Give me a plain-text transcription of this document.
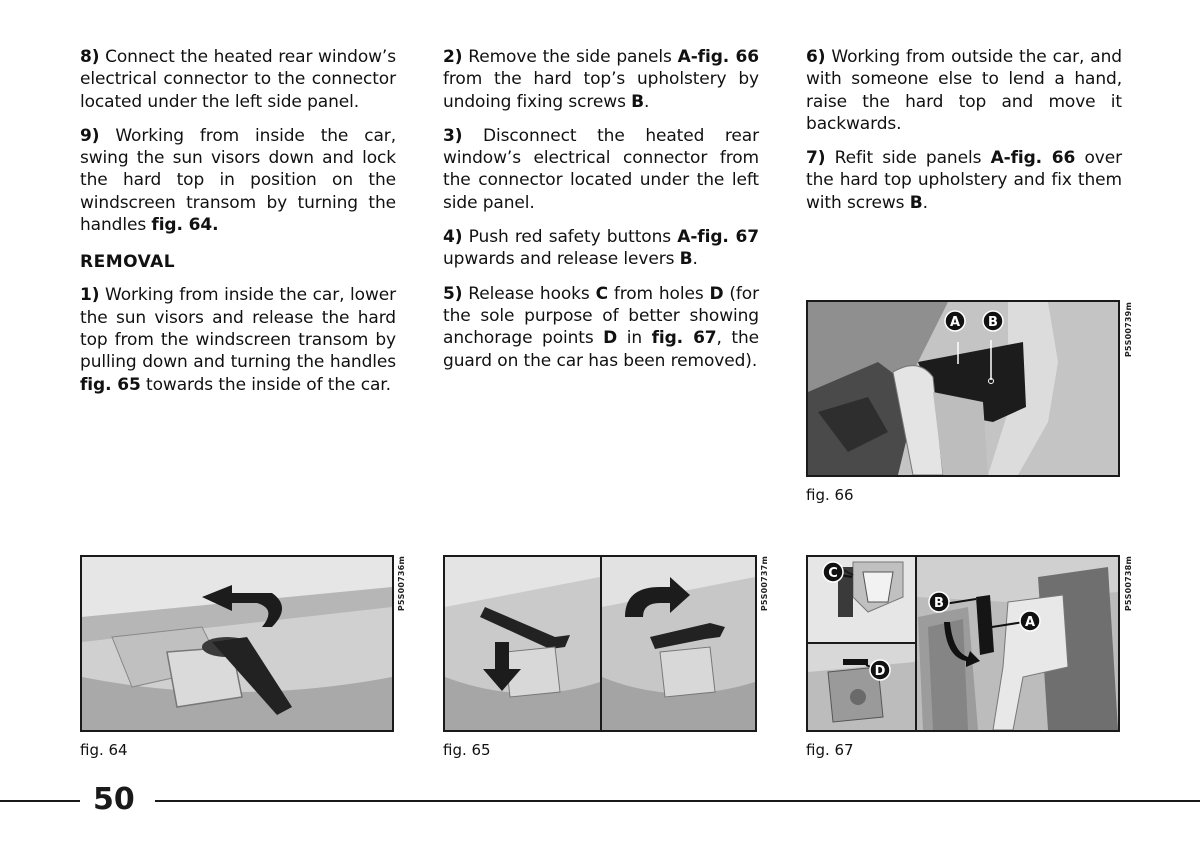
8) Connect the heated rear window’s electrical connector to the connector located under the left side panel.

9) Working from inside the car, swing the sun visors down and lock the hard top in position on the windscreen transom by turning the handles fig. 64.

REMOVAL

1) Working from inside the car, lower the sun visors and release the hard top from the windscreen transom by pulling down and turning the handles fig. 65 towards the inside of the car.

2) Remove the side panels A-fig. 66 from the hard top’s upholstery by undoing fixing screws B.

3) Disconnect the heated rear window’s electrical connector from the connector located under the left side panel.

4) Push red safety buttons A-fig. 67 upwards and release levers B.

5) Release hooks C from holes D (for the sole purpose of better showing anchorage points D in fig. 67, the guard on the car has been removed).

6) Working from outside the car, and with someone else to lend a hand, raise the hard top and move it backwards.

7) Refit side panels A-fig. 66 over the hard top upholstery and fix them with screws B.

A B	P5S00739m
fig. 66
P5S00736m
fig. 64
P5S00737m
fig. 65
C
B
A
D
P5S00738m
fig. 67
50
